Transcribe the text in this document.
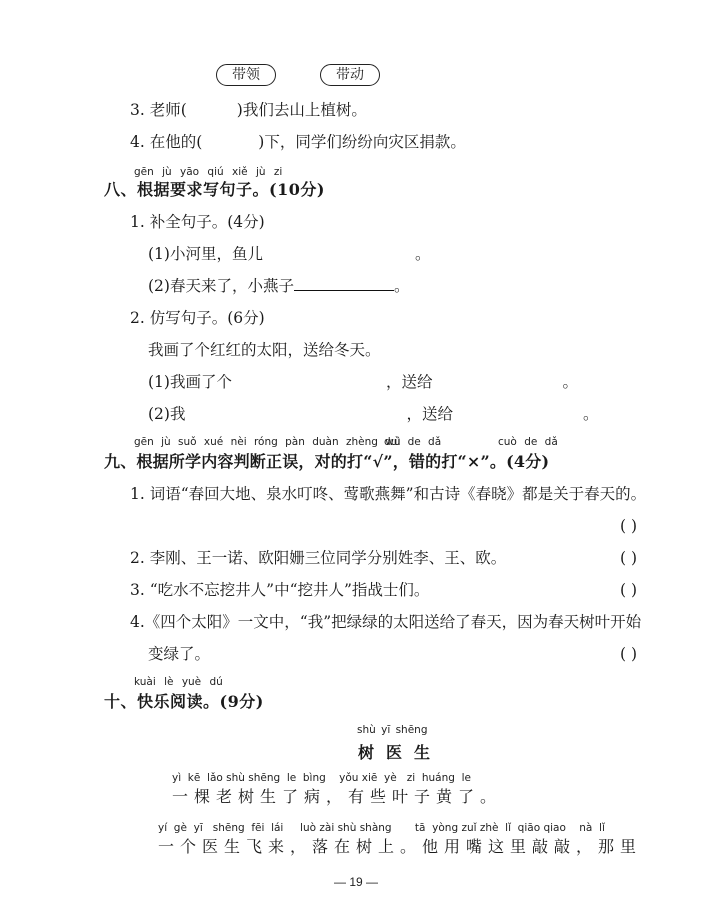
带领	带动
3. 老师(	)我们去山上植树。
4. 在他的(	)下，同学们纷纷向灾区捐款。
gēn jù yāo qiú xiě jù zi
八、根据要求写句子。(10分)
1. 补全句子。(4分)
(1)小河里，鱼儿	。
(2)春天来了，小燕子	。
2. 仿写句子。(6分)
我画了个红红的太阳，送给冬天。
(1)我画了个	，送给	。
(2)我	，送给	。
gēn jù suǒ xué nèi róng pàn duàn zhèng wù
duì de dǎ	cuò de dǎ
九、根据所学内容判断正误，对的打“√”，错的打“×”。(4分)
1. 词语“春回大地、泉水叮咚、莺歌燕舞”和古诗《春晓》都是关于春天的。
( )
2. 李刚、王一诺、欧阳姗三位同学分别姓李、王、欧。	( )
3. “吃水不忘挖井人”中“挖井人”指战士们。	( )
4.《四个太阳》一文中，“我”把绿绿的太阳送给了春天，因为春天树叶开始
变绿了。	( )
kuài lè yuè dú
十、快乐阅读。(9分)
shù yī shēng
树医生
yì  kē  lǎo shù shēng  le  bìng    yǒu xiē  yè   zi  huáng  le
一棵老树生了病，有些叶子黄了。
yí  gè  yī   shēng  fēi  lái     luò zài shù shàng       tā  yòng zuǐ zhè  lǐ  qiāo qiao    nà  lǐ
一个医生飞来，落在树上。他用嘴这里敲敲，那里
— 19 —
